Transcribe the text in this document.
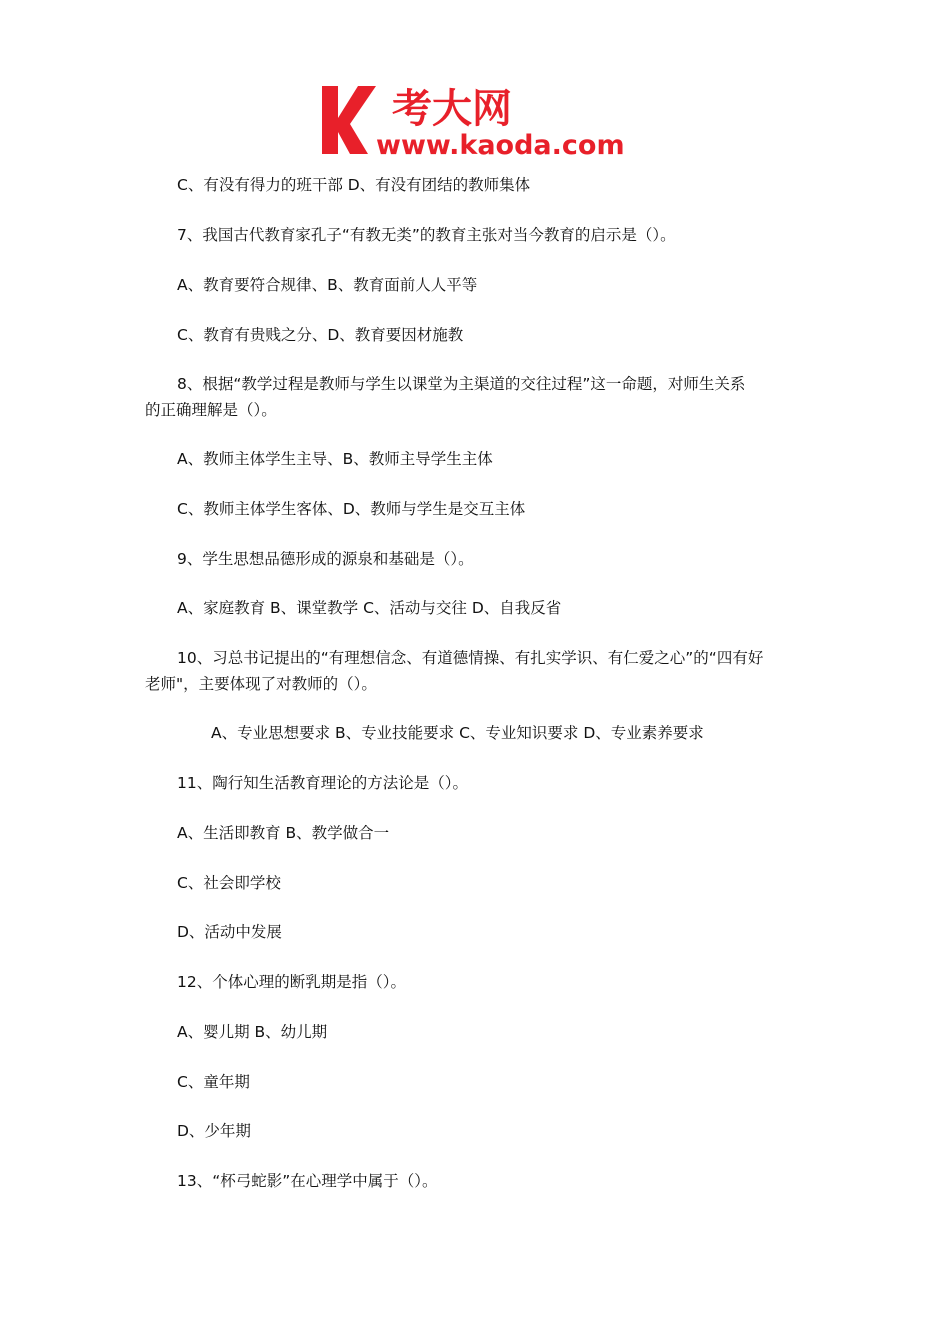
考大网
www.kaoda.com
C、有没有得力的班干部 D、有没有团结的教师集体
7、我国古代教育家孔子“有教无类”的教育主张对当今教育的启示是（）。
A、教育要符合规律、B、教育面前人人平等
C、教育有贵贱之分、D、教育要因材施教
8、根据“教学过程是教师与学生以课堂为主渠道的交往过程”这一命题，对师生关系
的正确理解是（）。
A、教师主体学生主导、B、教师主导学生主体
C、教师主体学生客体、D、教师与学生是交互主体
9、学生思想品德形成的源泉和基础是（）。
A、家庭教育 B、课堂教学 C、活动与交往 D、自我反省
10、习总书记提出的“有理想信念、有道德情操、有扎实学识、有仁爱之心”的“四有好
老师"，主要体现了对教师的（）。
A、专业思想要求 B、专业技能要求 C、专业知识要求 D、专业素养要求
11、陶行知生活教育理论的方法论是（）。
A、生活即教育 B、教学做合一
C、社会即学校
D、活动中发展
12、个体心理的断乳期是指（）。
A、婴儿期 B、幼儿期
C、童年期
D、少年期
13、“杯弓蛇影”在心理学中属于（）。
